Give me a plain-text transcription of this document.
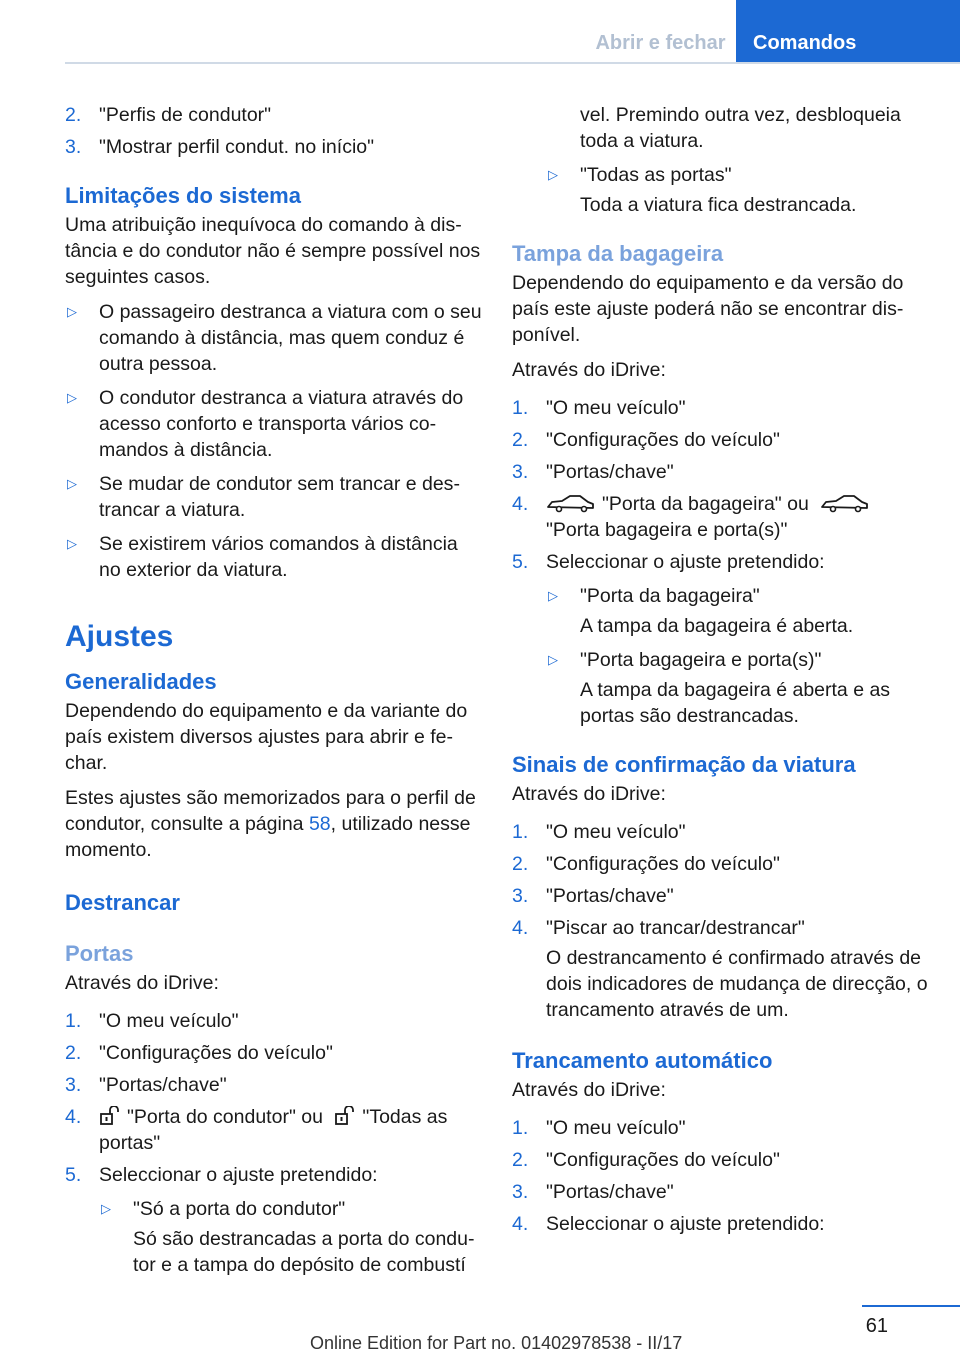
Abrir e fechar	Comandos
2. "Perfis de condutor"
3. "Mostrar perfil condut. no início"
Limitações do sistema
Uma atribuição inequívoca do comando à distância e do condutor não é sempre possível nos seguintes casos.
▷ O passageiro destranca a viatura com o seu comando à distância, mas quem conduz é outra pessoa.
▷ O condutor destranca a viatura através do acesso conforto e transporta vários comandos à distância.
▷ Se mudar de condutor sem trancar e destrancar a viatura.
▷ Se existirem vários comandos à distância no exterior da viatura.
Ajustes
Generalidades
Dependendo do equipamento e da variante do país existem diversos ajustes para abrir e fechar.
Estes ajustes são memorizados para o perfil de condutor, consulte a página 58, utilizado nesse momento.
Destrancar
Portas
Através do iDrive:
1. "O meu veículo"
2. "Configurações do veículo"
3. "Portas/chave"
4. "Porta do condutor" ou "Todas as portas"
5. Seleccionar o ajuste pretendido:
▷ "Só a porta do condutor"
Só são destrancadas a porta do condutor e a tampa do depósito de combustí
vel. Premindo outra vez, desbloqueia toda a viatura.
▷ "Todas as portas"
Toda a viatura fica destrancada.
Tampa da bagageira
Dependendo do equipamento e da versão do país este ajuste poderá não se encontrar disponível.
Através do iDrive:
1. "O meu veículo"
2. "Configurações do veículo"
3. "Portas/chave"
4.	"Porta da bagageira" ou  "Porta bagageira e porta(s)"
5. Seleccionar o ajuste pretendido:
▷ "Porta da bagageira"
A tampa da bagageira é aberta.
▷ "Porta bagageira e porta(s)"
A tampa da bagageira é aberta e as portas são destrancadas.
Sinais de confirmação da viatura
Através do iDrive:
1. "O meu veículo"
2. "Configurações do veículo"
3. "Portas/chave"
4. "Piscar ao trancar/destrancar"
O destrancamento é confirmado através de dois indicadores de mudança de direcção, o trancamento através de um.
Trancamento automático
Através do iDrive:
1. "O meu veículo"
2. "Configurações do veículo"
3. "Portas/chave"
4. Seleccionar o ajuste pretendido:
61
Online Edition for Part no. 01402978538 - II/17
